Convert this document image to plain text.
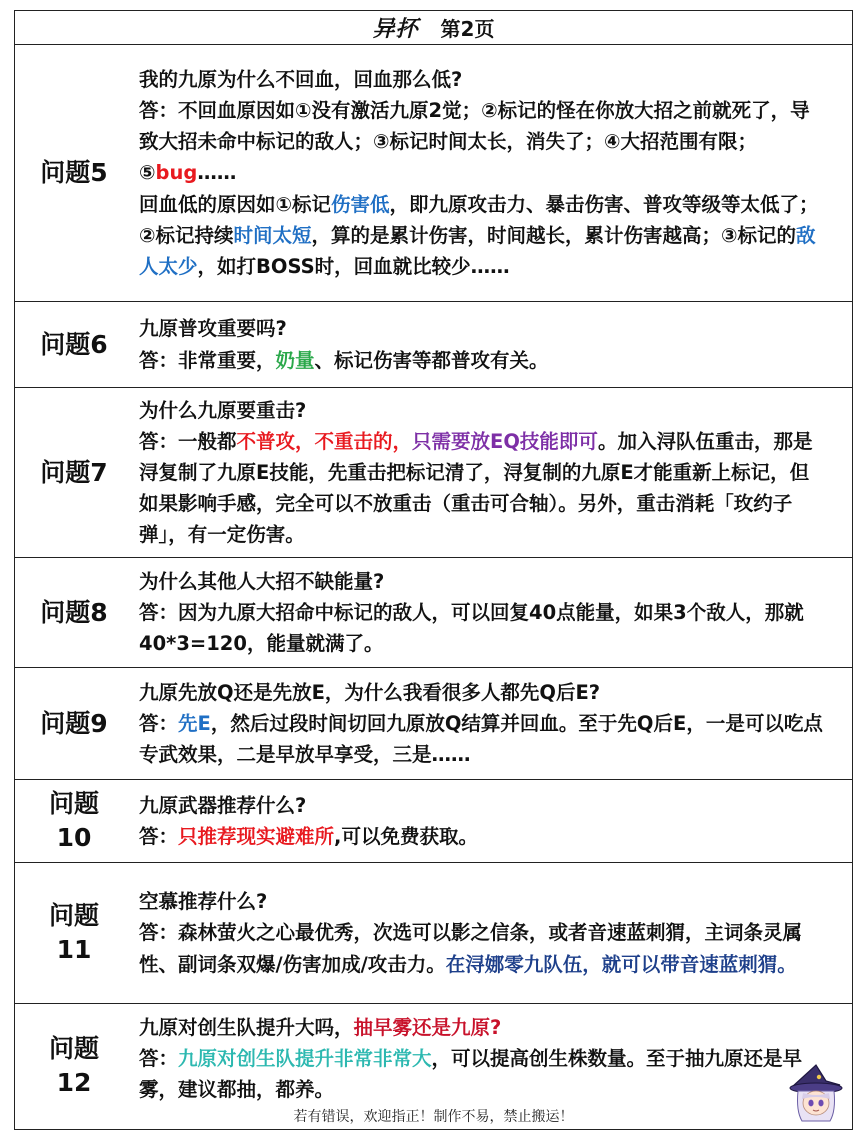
异抔 第2页
问题5	我的九原为什么不回血，回血那么低?
答：不回血原因如①没有激活九原2觉；②标记的怪在你放大招之前就死了，导致大招未命中标记的敌人；③标记时间太长，消失了；④大招范围有限；⑤bug……
回血低的原因如①标记伤害低，即九原攻击力、暴击伤害、普攻等级等太低了；②标记持续时间太短，算的是累计伤害，时间越长，累计伤害越高；③标记的敌人太少，如打BOSS时，回血就比较少……
问题6	九原普攻重要吗?
答：非常重要，奶量、标记伤害等都普攻有关。
问题7	为什么九原要重击?
答：一般都不普攻，不重击的，只需要放EQ技能即可。加入浔队伍重击，那是浔复制了九原E技能，先重击把标记清了，浔复制的九原E才能重新上标记，但如果影响手感，完全可以不放重击（重击可合轴）。另外，重击消耗「玫约子弹」，有一定伤害。
问题8	为什么其他人大招不缺能量?
答：因为九原大招命中标记的敌人，可以回复40点能量，如果3个敌人，那就40*3=120，能量就满了。
问题9	九原先放Q还是先放E，为什么我看很多人都先Q后E?
答：先E，然后过段时间切回九原放Q结算并回血。至于先Q后E，一是可以吃点专武效果，二是早放早享受，三是……

问题
10	九原武器推荐什么?
答：只推荐现实避难所,可以免费获取。

问题
11	空慕推荐什么?
答：森林萤火之心最优秀，次选可以影之信条，或者音速蓝刺猬，主词条灵属性、副词条双爆/伤害加成/攻击力。在浔娜零九队伍，就可以带音速蓝刺猬。

问题
12	九原对创生队提升大吗，抽早雾还是九原?
答：九原对创生队提升非常非常大，可以提高创生株数量。至于抽九原还是早雾，建议都抽，都养。
若有错误，欢迎指正！制作不易，禁止搬运！
